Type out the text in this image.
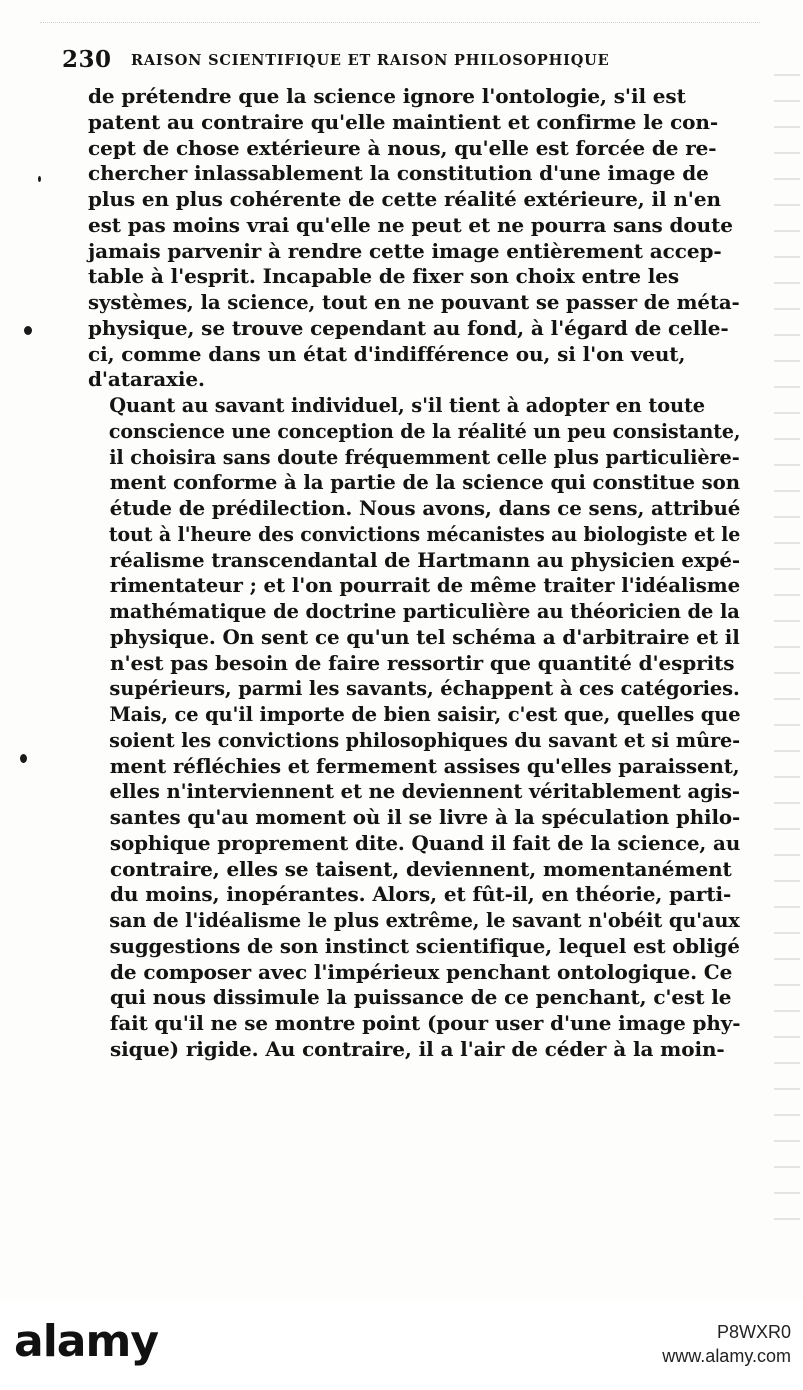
230 RAISON SCIENTIFIQUE ET RAISON PHILOSOPHIQUE
de prétendre que la science ignore l'ontologie, s'il est
patent au contraire qu'elle maintient et confirme le con-
cept de chose extérieure à nous, qu'elle est forcée de re-
chercher inlassablement la constitution d'une image de
plus en plus cohérente de cette réalité extérieure, il n'en
est pas moins vrai qu'elle ne peut et ne pourra sans doute
jamais parvenir à rendre cette image entièrement accep-
table à l'esprit. Incapable de fixer son choix entre les
systèmes, la science, tout en ne pouvant se passer de méta-
physique, se trouve cependant au fond, à l'égard de celle-
ci, comme dans un état d'indifférence ou, si l'on veut,
d'ataraxie.
Quant au savant individuel, s'il tient à adopter en toute
conscience une conception de la réalité un peu consistante,
il choisira sans doute fréquemment celle plus particulière-
ment conforme à la partie de la science qui constitue son
étude de prédilection. Nous avons, dans ce sens, attribué
tout à l'heure des convictions mécanistes au biologiste et le
réalisme transcendantal de Hartmann au physicien expé-
rimentateur ; et l'on pourrait de même traiter l'idéalisme
mathématique de doctrine particulière au théoricien de la
physique. On sent ce qu'un tel schéma a d'arbitraire et il
n'est pas besoin de faire ressortir que quantité d'esprits
supérieurs, parmi les savants, échappent à ces catégories.
Mais, ce qu'il importe de bien saisir, c'est que, quelles que
soient les convictions philosophiques du savant et si mûre-
ment réfléchies et fermement assises qu'elles paraissent,
elles n'interviennent et ne deviennent véritablement agis-
santes qu'au moment où il se livre à la spéculation philo-
sophique proprement dite. Quand il fait de la science, au
contraire, elles se taisent, deviennent, momentanément
du moins, inopérantes. Alors, et fût-il, en théorie, parti-
san de l'idéalisme le plus extrême, le savant n'obéit qu'aux
suggestions de son instinct scientifique, lequel est obligé
de composer avec l'impérieux penchant ontologique. Ce
qui nous dissimule la puissance de ce penchant, c'est le
fait qu'il ne se montre point (pour user d'une image phy-
sique) rigide. Au contraire, il a l'air de céder à la moin-
alamy	P8WXR0
www.alamy.com
